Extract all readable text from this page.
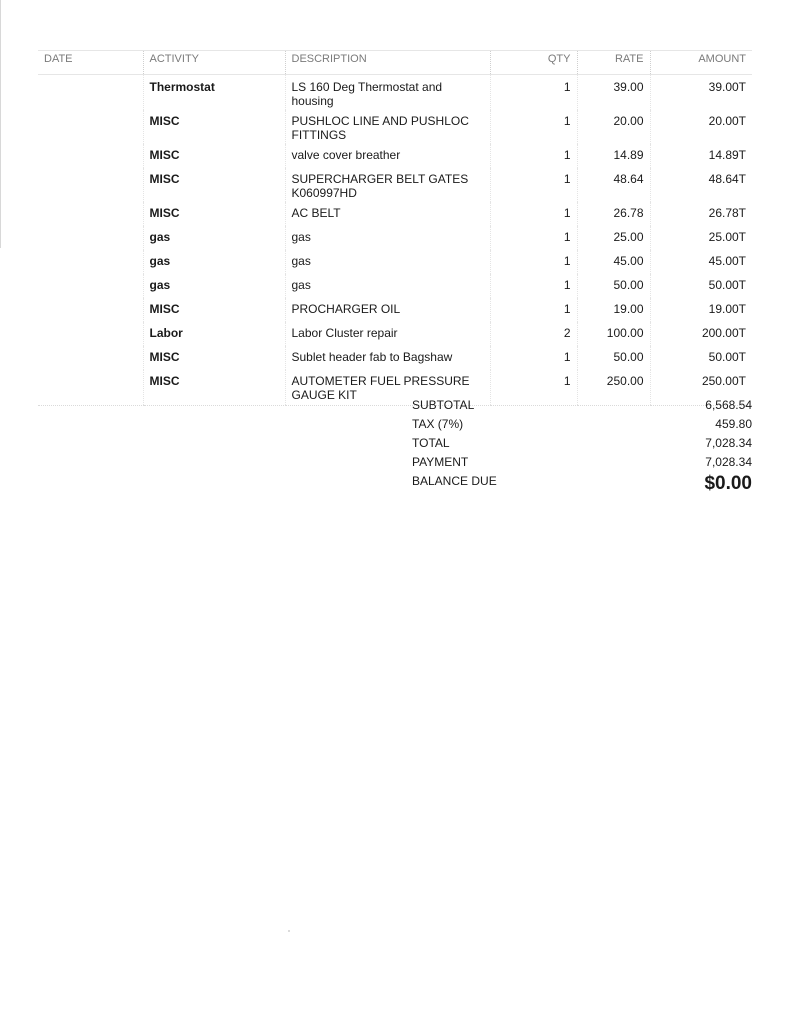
DATE	ACTIVITY	DESCRIPTION	QTY	RATE	AMOUNT
	Thermostat	LS 160 Deg Thermostat and housing	1	39.00	39.00T
	MISC	PUSHLOC LINE AND PUSHLOC FITTINGS	1	20.00	20.00T
	MISC	valve cover breather	1	14.89	14.89T
	MISC	SUPERCHARGER BELT GATES K060997HD	1	48.64	48.64T
	MISC	AC BELT	1	26.78	26.78T
	gas	gas	1	25.00	25.00T
	gas	gas	1	45.00	45.00T
	gas	gas	1	50.00	50.00T
	MISC	PROCHARGER OIL	1	19.00	19.00T
	Labor	Labor Cluster repair	2	100.00	200.00T
	MISC	Sublet header fab to Bagshaw	1	50.00	50.00T
	MISC	AUTOMETER FUEL PRESSURE GAUGE KIT	1	250.00	250.00T
SUBTOTAL	6,568.54
TAX (7%)	459.80
TOTAL	7,028.34
PAYMENT	7,028.34
BALANCE DUE	$0.00
